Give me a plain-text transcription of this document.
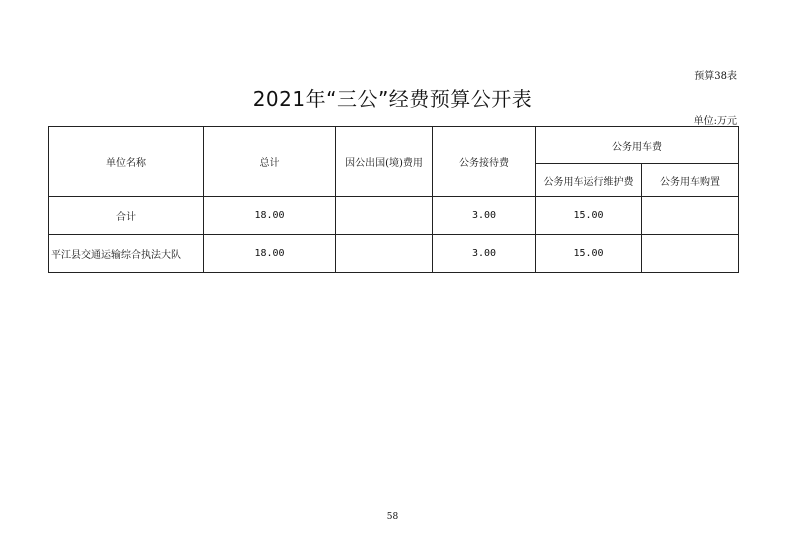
预算38表
2021年“三公”经费预算公开表
单位:万元
单位名称	总计	因公出国(境)费用	公务接待费	公务用车费	
				公务用车运行维护费	公务用车购置
合计	18.00		3.00	15.00	
平江县交通运输综合执法大队	18.00		3.00	15.00	
58
